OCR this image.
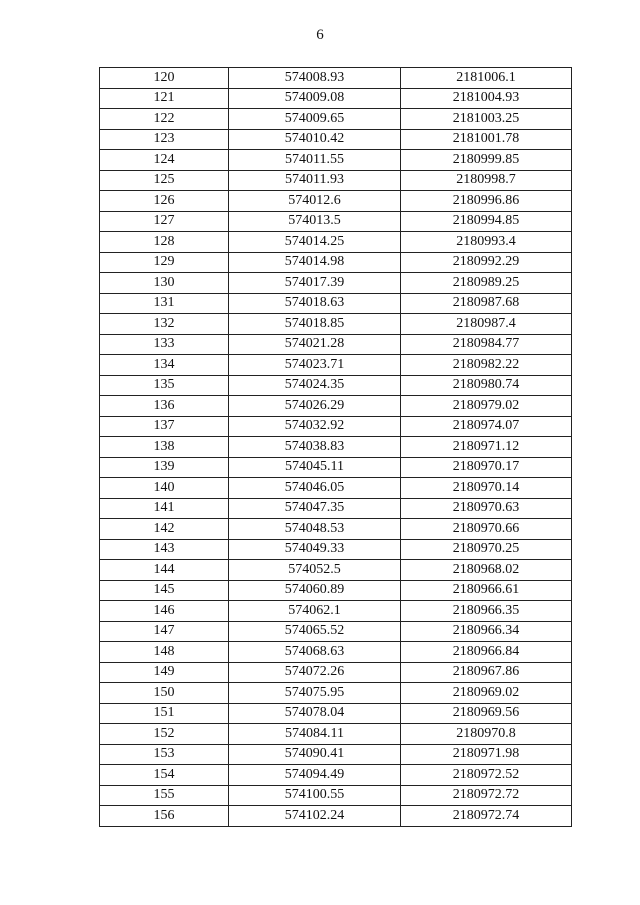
6
120	574008.93	2181006.1
121	574009.08	2181004.93
122	574009.65	2181003.25
123	574010.42	2181001.78
124	574011.55	2180999.85
125	574011.93	2180998.7
126	574012.6	2180996.86
127	574013.5	2180994.85
128	574014.25	2180993.4
129	574014.98	2180992.29
130	574017.39	2180989.25
131	574018.63	2180987.68
132	574018.85	2180987.4
133	574021.28	2180984.77
134	574023.71	2180982.22
135	574024.35	2180980.74
136	574026.29	2180979.02
137	574032.92	2180974.07
138	574038.83	2180971.12
139	574045.11	2180970.17
140	574046.05	2180970.14
141	574047.35	2180970.63
142	574048.53	2180970.66
143	574049.33	2180970.25
144	574052.5	2180968.02
145	574060.89	2180966.61
146	574062.1	2180966.35
147	574065.52	2180966.34
148	574068.63	2180966.84
149	574072.26	2180967.86
150	574075.95	2180969.02
151	574078.04	2180969.56
152	574084.11	2180970.8
153	574090.41	2180971.98
154	574094.49	2180972.52
155	574100.55	2180972.72
156	574102.24	2180972.74
